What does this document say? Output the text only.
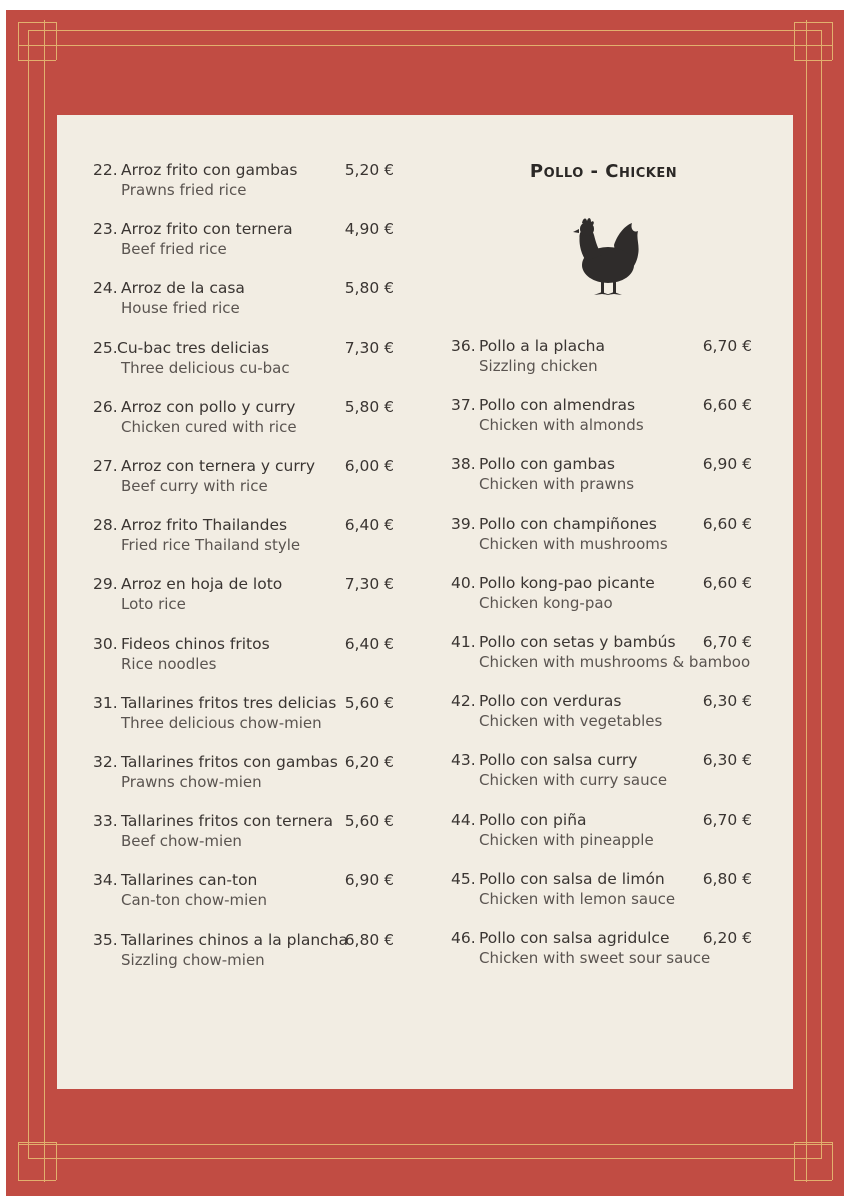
Pollo - Chicken
22. Arroz frito con gambas
Prawns fried rice
5,20 €
23. Arroz frito con ternera
Beef fried rice
4,90 €
24. Arroz de la casa
House fried rice
5,80 €
25. Cu-bac tres delicias
Three delicious cu-bac
7,30 €
26. Arroz con pollo y curry
Chicken cured with rice
5,80 €
27. Arroz con ternera y curry
Beef curry with rice
6,00 €
28. Arroz frito Thailandes
Fried rice Thailand style
6,40 €
29. Arroz en hoja de loto
Loto rice
7,30 €
30. Fideos chinos fritos
Rice noodles
6,40 €
31. Tallarines fritos tres delicias
Three delicious chow-mien
5,60 €
32. Tallarines fritos con gambas
Prawns chow-mien
6,20 €
33. Tallarines fritos con ternera
Beef chow-mien
5,60 €
34. Tallarines can-ton
Can-ton chow-mien
6,90 €
35. Tallarines chinos a la plancha
Sizzling chow-mien
6,80 €
36. Pollo a la placha
Sizzling chicken
6,70 €
37. Pollo con almendras
Chicken with almonds
6,60 €
38. Pollo con gambas
Chicken with prawns
6,90 €
39. Pollo con champiñones
Chicken with mushrooms
6,60 €
40. Pollo kong-pao picante
Chicken kong-pao
6,60 €
41. Pollo con setas y bambús
Chicken with mushrooms & bamboo
6,70 €
42. Pollo con verduras
Chicken with vegetables
6,30 €
43. Pollo con salsa curry
Chicken with curry sauce
6,30 €
44. Pollo con piña
Chicken with pineapple
6,70 €
45. Pollo con salsa de limón
Chicken with lemon sauce
6,80 €
46. Pollo con salsa agridulce
Chicken with sweet sour sauce
6,20 €
